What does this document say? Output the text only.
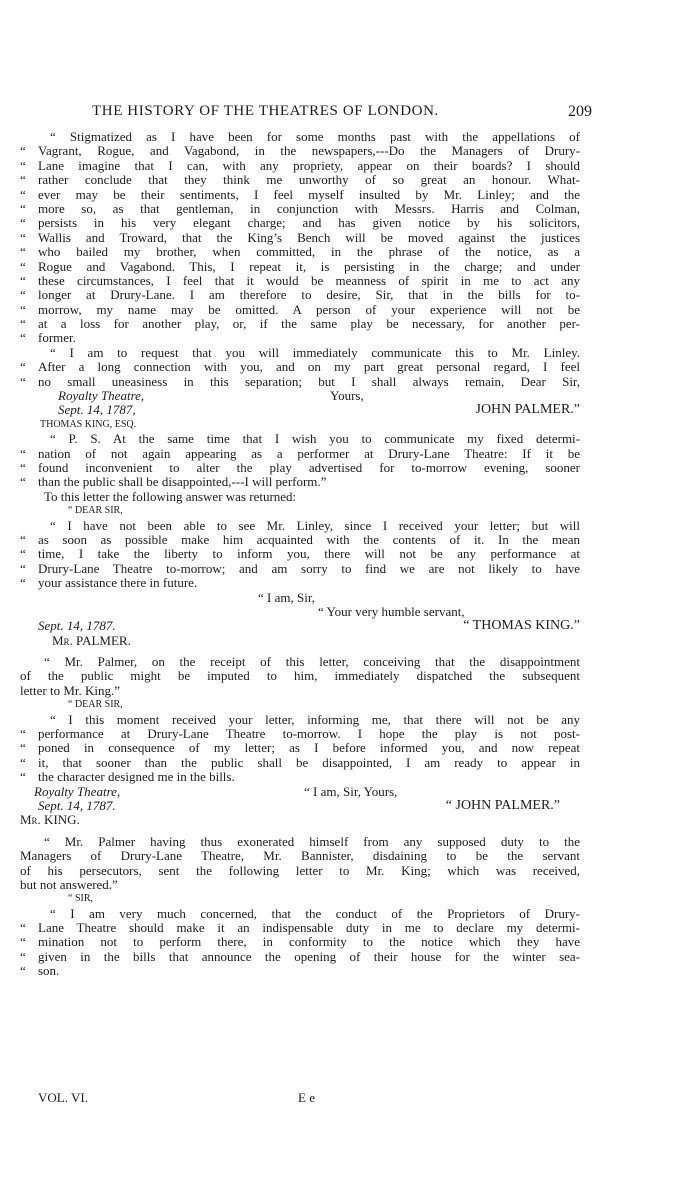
THE HISTORY OF THE THEATRES OF LONDON.	209
“ Stigmatized as I have been for some months past with the appellations of
“ Vagrant, Rogue, and Vagabond, in the newspapers,---Do the Managers of Drury-
“ Lane imagine that I can, with any propriety, appear on their boards? I should
“ rather conclude that they think me unworthy of so great an honour. What-
“ ever may be their sentiments, I feel myself insulted by Mr. Linley; and the
“ more so, as that gentleman, in conjunction with Messrs. Harris and Colman,
“ persists in his very elegant charge; and has given notice by his solicitors,
“ Wallis and Troward, that the King’s Bench will be moved against the justices
“ who bailed my brother, when committed, in the phrase of the notice, as a
“ Rogue and Vagabond. This, I repeat it, is persisting in the charge; and under
“ these circumstances, I feel that it would be meanness of spirit in me to act any
“ longer at Drury-Lane. I am therefore to desire, Sir, that in the bills for to-
“ morrow, my name may be omitted. A person of your experience will not be
“ at a loss for another play, or, if the same play be necessary, for another per-
“ former.
“ I am to request that you will immediately communicate this to Mr. Linley.
“ After a long connection with you, and on my part great personal regard, I feel
“ no small uneasiness in this separation; but I shall always remain, Dear Sir,
Royalty Theatre,	Yours,
Sept. 14, 1787,	JOHN PALMER.”
THOMAS KING, ESQ.
“ P. S. At the same time that I wish you to communicate my fixed determi-
“ nation of not again appearing as a performer at Drury-Lane Theatre: If it be
“ found inconvenient to alter the play advertised for to-morrow evening, sooner
“ than the public shall be disappointed,---I will perform.”
To this letter the following answer was returned:
“ DEAR SIR,
“ I have not been able to see Mr. Linley, since I received your letter; but will
“ as soon as possible make him acquainted with the contents of it. In the mean
“ time, I take the liberty to inform you, there will not be any performance at
“ Drury-Lane Theatre to-morrow; and am sorry to find we are not likely to have
“ your assistance there in future.
“ I am, Sir,
“ Your very humble servant,
Sept. 14, 1787.	“ THOMAS KING.”
Mr. PALMER.
“ Mr. Palmer, on the receipt of this letter, conceiving that the disappointment
of the public might be imputed to him, immediately dispatched the subsequent
letter to Mr. King.”
“ DEAR SIR,
“ I this moment received your letter, informing me, that there will not be any
“ performance at Drury-Lane Theatre to-morrow. I hope the play is not post-
“ poned in consequence of my letter; as I before informed you, and now repeat
“ it, that sooner than the public shall be disappointed, I am ready to appear in
“ the character designed me in the bills.
Royalty Theatre,	“ I am, Sir, Yours,
Sept. 14, 1787.	“ JOHN PALMER.”
Mr. KING.
“ Mr. Palmer having thus exonerated himself from any supposed duty to the
Managers of Drury-Lane Theatre, Mr. Bannister, disdaining to be the servant
of his persecutors, sent the following letter to Mr. King; which was received,
but not answered.”
“ SIR,
“ I am very much concerned, that the conduct of the Proprietors of Drury-
“ Lane Theatre should make it an indispensable duty in me to declare my determi-
“ mination not to perform there, in conformity to the notice which they have
“ given in the bills that announce the opening of their house for the winter sea-
“ son.
VOL. VI.	E e
